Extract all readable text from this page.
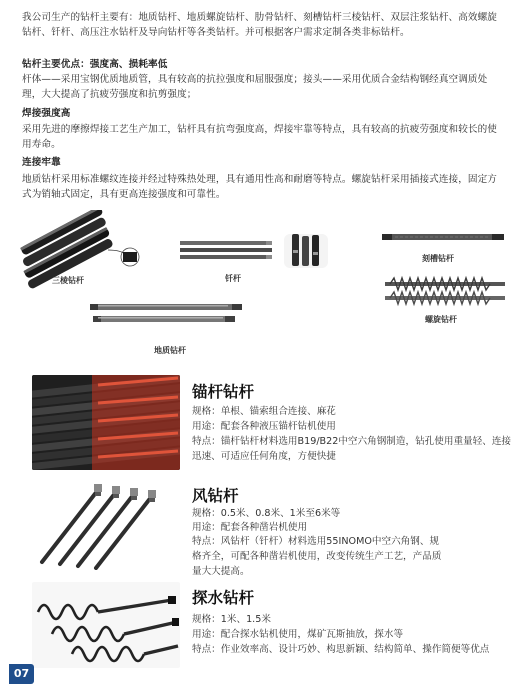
我公司生产的钻杆主要有：地质钻杆、地质螺旋钻杆、肋骨钻杆、刻槽钻杆三棱钻杆、双层注浆钻杆、高效螺旋钻杆、钎杆、高压注水钻杆及导向钻杆等各类钻杆。并可根据客户需求定制各类非标钻杆。
钻杆主要优点：强度高、损耗率低
杆体——采用宝钢优质地质管，具有较高的抗拉强度和屈服强度；接头——采用优质合金结构钢经真空调质处理，大大提高了抗疲劳强度和抗剪强度；
焊接强度高
采用先进的摩擦焊接工艺生产加工，钻杆具有抗弯强度高，焊接牢靠等特点，具有较高的抗疲劳强度和较长的使用寿命。
连接牢靠
地质钻杆采用标准螺纹连接并经过特殊热处理，具有通用性高和耐磨等特点。螺旋钻杆采用插接式连接，固定方式为销轴式固定，具有更高连接强度和可靠性。
三棱钻杆	钎杆
刻槽钻杆
螺旋钻杆
地质钻杆
锚杆钻杆
规格：单根、锚索组合连接、麻花
用途：配套各种液压锚杆钻机使用
特点：锚杆钻杆材料选用B19/B22中空六角钢制造，钻孔使用重量轻、连接迅速、可适应任何角度，方便快捷
风钻杆
规格：0.5米、0.8米、1米至6米等
用途：配套各种凿岩机使用
特点：风钻杆（钎杆）材料选用55INOMO中空六角钢、规格齐全，可配各种凿岩机使用，改变传统生产工艺，产品质量大大提高。
探水钻杆
规格：1米、1.5米
用途：配合探水钻机使用，煤矿瓦斯抽放，探水等
特点：作业效率高、设计巧妙、构思新颖、结构简单、操作简便等优点
07
